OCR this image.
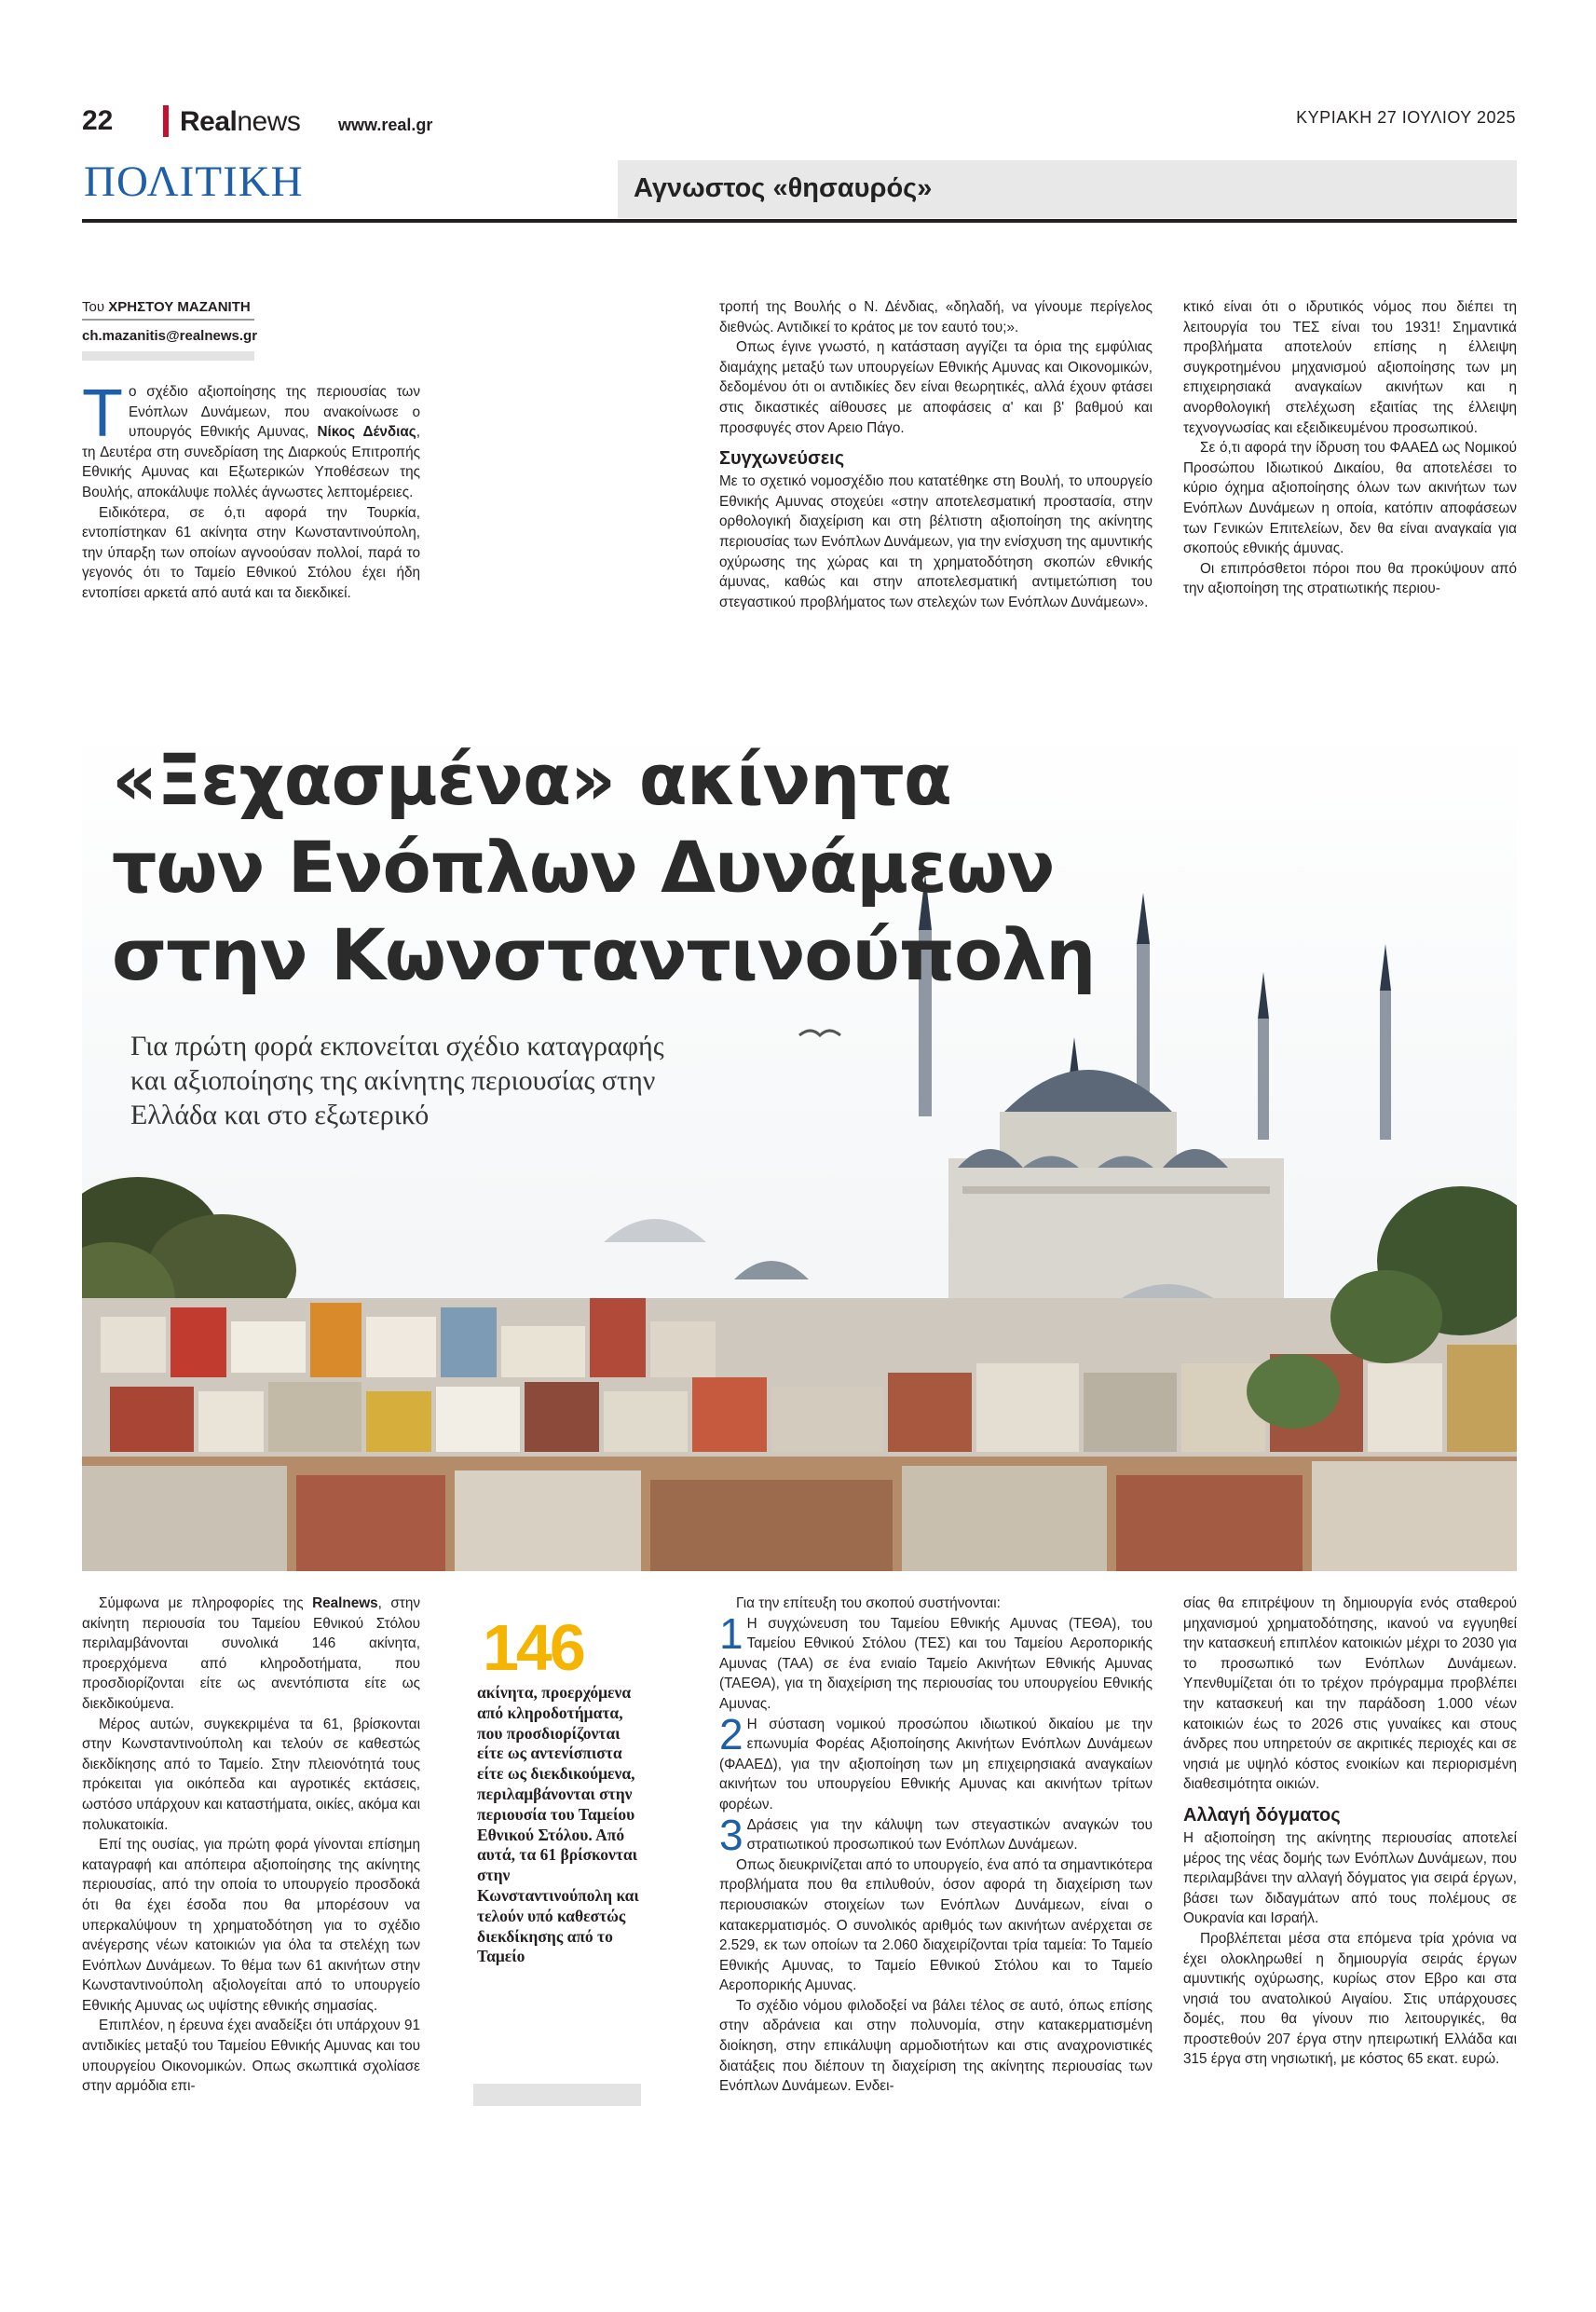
22 Realnews www.real.gr	ΚΥΡΙΑΚΗ 27 ΙΟΥΛΙΟΥ 2025
ΠΟΛΙΤΙΚΗ	Αγνωστος «θησαυρός»
Του ΧΡΗΣΤΟΥ ΜΑΖΑΝΙΤΗ
ch.mazanitis@realnews.gr

Το σχέδιο αξιοποίησης της περιουσίας των Ενόπλων Δυνάμεων, που ανακοίνωσε ο υπουργός Εθνικής Αμυνας, Νίκος Δένδιας, τη Δευτέρα στη συνεδρίαση της Διαρκούς Επιτροπής Εθνικής Αμυνας και Εξωτερικών Υποθέσεων της Βουλής, αποκάλυψε πολλές άγνωστες λεπτομέρειες.

Ειδικότερα, σε ό,τι αφορά την Τουρκία, εντοπίστηκαν 61 ακίνητα στην Κωνσταντινούπολη, την ύπαρξη των οποίων αγνοούσαν πολλοί, παρά το γεγονός ότι το Ταμείο Εθνικού Στόλου έχει ήδη εντοπίσει αρκετά από αυτά και τα διεκδικεί.

τροπή της Βουλής ο Ν. Δένδιας, «δηλαδή, να γίνουμε περίγελος διεθνώς. Αντιδικεί το κράτος με τον εαυτό του;».

Οπως έγινε γνωστό, η κατάσταση αγγίζει τα όρια της εμφύλιας διαμάχης μεταξύ των υπουργείων Εθνικής Αμυνας και Οικονομικών, δεδομένου ότι οι αντιδικίες δεν είναι θεωρητικές, αλλά έχουν φτάσει στις δικαστικές αίθουσες με αποφάσεις α' και β' βαθμού και προσφυγές στον Αρειο Πάγο.

Συγχωνεύσεις

Με το σχετικό νομοσχέδιο που κατατέθηκε στη Βουλή, το υπουργείο Εθνικής Αμυνας στοχεύει «στην αποτελεσματική προστασία, στην ορθολογική διαχείριση και στη βέλτιστη αξιοποίηση της ακίνητης περιουσίας των Ενόπλων Δυνάμεων, για την ενίσχυση της αμυντικής οχύρωσης της χώρας και τη χρηματοδότηση σκοπών εθνικής άμυνας, καθώς και στην αποτελεσματική αντιμετώπιση του στεγαστικού προβλήματος των στελεχών των Ενόπλων Δυνάμεων».

κτικό είναι ότι ο ιδρυτικός νόμος που διέπει τη λειτουργία του ΤΕΣ είναι του 1931! Σημαντικά προβλήματα αποτελούν επίσης η έλλειψη συγκροτημένου μηχανισμού αξιοποίησης των μη επιχειρησιακά αναγκαίων ακινήτων και η ανορθολογική στελέχωση εξαιτίας της έλλειψη τεχνογνωσίας και εξειδικευμένου προσωπικού.

Σε ό,τι αφορά την ίδρυση του ΦΑΑΕΔ ως Νομικού Προσώπου Ιδιωτικού Δικαίου, θα αποτελέσει το κύριο όχημα αξιοποίησης όλων των ακινήτων των Ενόπλων Δυνάμεων η οποία, κατόπιν αποφάσεων των Γενικών Επιτελείων, δεν θα είναι αναγκαία για σκοπούς εθνικής άμυνας.

Οι επιπρόσθετοι πόροι που θα προκύψουν από την αξιοποίηση της στρατιωτικής περιου-

«Ξεχασμένα» ακίνητα
των Ενόπλων Δυνάμεων
στην Κωνσταντινούπολη
Για πρώτη φορά εκπονείται σχέδιο καταγραφής
και αξιοποίησης της ακίνητης περιουσίας στην
Ελλάδα και στο εξωτερικό

Σύμφωνα με πληροφορίες της Realnews, στην ακίνητη περιουσία του Ταμείου Εθνικού Στόλου περιλαμβάνονται συνολικά 146 ακίνητα, προερχόμενα από κληροδοτήματα, που προσδιορίζονται είτε ως ανεντόπιστα είτε ως διεκδικούμενα.

Μέρος αυτών, συγκεκριμένα τα 61, βρίσκονται στην Κωνσταντινούπολη και τελούν σε καθεστώς διεκδίκησης από το Ταμείο. Στην πλειονότητά τους πρόκειται για οικόπεδα και αγροτικές εκτάσεις, ωστόσο υπάρχουν και καταστήματα, οικίες, ακόμα και πολυκατοικία.

Επί της ουσίας, για πρώτη φορά γίνονται επίσημη καταγραφή και απόπειρα αξιοποίησης της ακίνητης περιουσίας, από την οποία το υπουργείο προσδοκά ότι θα έχει έσοδα που θα μπορέσουν να υπερκαλύψουν τη χρηματοδότηση για το σχέδιο ανέγερσης νέων κατοικιών για όλα τα στελέχη των Ενόπλων Δυνάμεων. Το θέμα των 61 ακινήτων στην Κωνσταντινούπολη αξιολογείται από το υπουργείο Εθνικής Αμυνας ως υψίστης εθνικής σημασίας.

Επιπλέον, η έρευνα έχει αναδείξει ότι υπάρχουν 91 αντιδικίες μεταξύ του Ταμείου Εθνικής Αμυνας και του υπουργείου Οικονομικών. Οπως σκωπτικά σχολίασε στην αρμόδια επι-

146
ακίνητα, προερχόμενα από κληροδοτήματα, που προσδιορίζονται είτε ως αντενίσπιστα είτε ως διεκδικούμενα, περιλαμβάνονται στην περιουσία του Ταμείου Εθνικού Στόλου. Από αυτά, τα 61 βρίσκονται στην Κωνσταντινούπολη και τελούν υπό καθεστώς διεκδίκησης από το Ταμείο

Για την επίτευξη του σκοπού συστήνονται:

1 Η συγχώνευση του Ταμείου Εθνικής Αμυνας (ΤΕΘΑ), του Ταμείου Εθνικού Στόλου (ΤΕΣ) και του Ταμείου Αεροπορικής Αμυνας (ΤΑΑ) σε ένα ενιαίο Ταμείο Ακινήτων Εθνικής Αμυνας (ΤΑΕΘΑ), για τη διαχείριση της περιουσίας του υπουργείου Εθνικής Αμυνας.

2 Η σύσταση νομικού προσώπου ιδιωτικού δικαίου με την επωνυμία Φορέας Αξιοποίησης Ακινήτων Ενόπλων Δυνάμεων (ΦΑΑΕΔ), για την αξιοποίηση των μη επιχειρησιακά αναγκαίων ακινήτων του υπουργείου Εθνικής Αμυνας και ακινήτων τρίτων φορέων.

3 Δράσεις για την κάλυψη των στεγαστικών αναγκών του στρατιωτικού προσωπικού των Ενόπλων Δυνάμεων.

Οπως διευκρινίζεται από το υπουργείο, ένα από τα σημαντικότερα προβλήματα που θα επιλυθούν, όσον αφορά τη διαχείριση των περιουσιακών στοιχείων των Ενόπλων Δυνάμεων, είναι ο κατακερματισμός. Ο συνολικός αριθμός των ακινήτων ανέρχεται σε 2.529, εκ των οποίων τα 2.060 διαχειρίζονται τρία ταμεία: Το Ταμείο Εθνικής Αμυνας, το Ταμείο Εθνικού Στόλου και το Ταμείο Αεροπορικής Αμυνας.

Το σχέδιο νόμου φιλοδοξεί να βάλει τέλος σε αυτό, όπως επίσης στην αδράνεια και στην πολυνομία, στην κατακερματισμένη διοίκηση, στην επικάλυψη αρμοδιοτήτων και στις αναχρονιστικές διατάξεις που διέπουν τη διαχείριση της ακίνητης περιουσίας των Ενόπλων Δυνάμεων. Ενδει-

σίας θα επιτρέψουν τη δημιουργία ενός σταθερού μηχανισμού χρηματοδότησης, ικανού να εγγυηθεί την κατασκευή επιπλέον κατοικιών μέχρι το 2030 για το προσωπικό των Ενόπλων Δυνάμεων. Υπενθυμίζεται ότι το τρέχον πρόγραμμα προβλέπει την κατασκευή και την παράδοση 1.000 νέων κατοικιών έως το 2026 στις γυναίκες και στους άνδρες που υπηρετούν σε ακριτικές περιοχές και σε νησιά με υψηλό κόστος ενοικίων και περιορισμένη διαθεσιμότητα οικιών.

Αλλαγή δόγματος

Η αξιοποίηση της ακίνητης περιουσίας αποτελεί μέρος της νέας δομής των Ενόπλων Δυνάμεων, που περιλαμβάνει την αλλαγή δόγματος για σειρά έργων, βάσει των διδαγμάτων από τους πολέμους σε Ουκρανία και Ισραήλ.

Προβλέπεται μέσα στα επόμενα τρία χρόνια να έχει ολοκληρωθεί η δημιουργία σειράς έργων αμυντικής οχύρωσης, κυρίως στον Εβρο και στα νησιά του ανατολικού Αιγαίου. Στις υπάρχουσες δομές, που θα γίνουν πιο λειτουργικές, θα προστεθούν 207 έργα στην ηπειρωτική Ελλάδα και 315 έργα στη νησιωτική, με κόστος 65 εκατ. ευρώ.
